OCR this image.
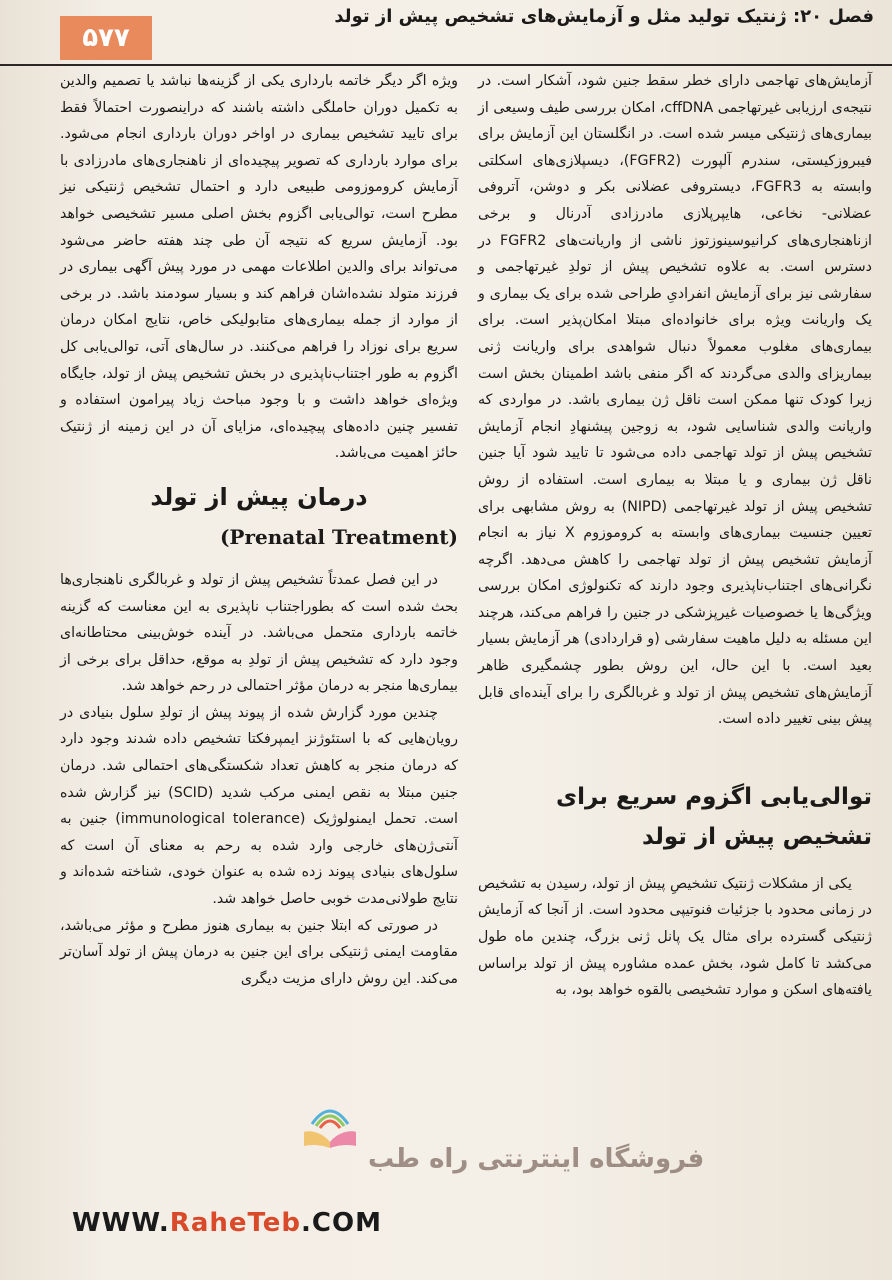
۵۷۷
فصل ۲۰: ژنتیک تولید مثل و آزمایش‌های تشخیص پیش از تولد

آزمایش‌های تهاجمی دارای خطر سقط جنین شود، آشکار است. در نتیجه‌ی ارزیابی غیرتهاجمی cffDNA، امکان بررسی طیف وسیعی از بیماری‌های ژنتیکی میسر شده است. در انگلستان این آزمایش برای فیبروزکیستی، سندرم آلپورت (FGFR2)، دیسپلازی‌های اسکلتی وابسته به FGFR3، دیستروفی عضلانی بکر و دوشن، آتروفی عضلانی- نخاعی، هایپرپلازی مادرزادی آدرنال و برخی ازناهنجاری‌های کرانیوسینوزتوز ناشی از واریانت‌های FGFR2 در دسترس است. به علاوه تشخیص پیش از تولدِ غیرتهاجمی و سفارشی نیز برای آزمایش انفرادیِ طراحی شده برای یک بیماری و یک واریانت ویژه برای خانواده‌ای مبتلا امکان‌پذیر است. برای بیماری‌های مغلوب معمولاً دنبال شواهدی برای واریانت ژنی بیماریزای والدی می‌گردند که اگر منفی باشد اطمینان بخش است زیرا کودک تنها ممکن است ناقل ژن بیماری باشد. در مواردی که واریانت والدی شناسایی شود، به زوجین پیشنهادِ انجام آزمایش تشخیص پیش از تولد تهاجمی داده می‌شود تا تایید شود آیا جنین ناقل ژن بیماری و یا مبتلا به بیماری است. استفاده از روش تشخیص پیش از تولد غیرتهاجمی (NIPD) به روش مشابهی برای تعیین جنسیت بیماری‌های وابسته به کروموزوم X نیاز به انجام آزمایش تشخیص پیش از تولد تهاجمی را کاهش می‌دهد. اگرچه نگرانی‌های اجتناب‌ناپذیری وجود دارند که تکنولوژی امکان بررسی ویژگی‌ها یا خصوصیات غیرپزشکی در جنین را فراهم می‌کند، هرچند این مسئله به دلیل ماهیت سفارشی (و قراردادی) هر آزمایش بسیار بعید است. با این حال، این روش بطور چشمگیری ظاهر آزمایش‌های تشخیص پیش از تولد و غربالگری را برای آینده‌ای قابل پیش بینی تغییر داده است.

توالی‌یابی اگزوم سریع برای تشخیص پیش از تولد

یکی از مشکلات ژنتیک تشخیصِ پیش از تولد، رسیدن به تشخیص در زمانی محدود با جزئیات فنوتیپی محدود است. از آنجا که آزمایش ژنتیکی گسترده برای مثال یک پانل ژنی بزرگ، چندین ماه طول می‌کشد تا کامل شود، بخش عمده مشاوره پیش از تولد براساس یافته‌های اسکن و موارد تشخیصی بالقوه خواهد بود، به

ویژه اگر دیگر خاتمه بارداری یکی از گزینه‌ها نباشد یا تصمیم والدین به تکمیل دوران حاملگی داشته باشند که دراینصورت احتمالاً فقط برای تایید تشخیص بیماری در اواخر دوران بارداری انجام می‌شود. برای موارد بارداری که تصویر پیچیده‌ای از ناهنجاری‌های مادرزادی با آزمایش کروموزومی طبیعی دارد و احتمال تشخیص ژنتیکی نیز مطرح است، توالی‌یابی اگزوم بخش اصلی مسیر تشخیصی خواهد بود. آزمایش سریع که نتیجه آن طی چند هفته حاضر می‌شود می‌تواند برای والدین اطلاعات مهمی در مورد پیش آگهی بیماری در فرزند متولد نشده‌اشان فراهم کند و بسیار سودمند باشد. در برخی از موارد از جمله بیماری‌های متابولیکی خاص، نتایج امکان درمان سریع برای نوزاد را فراهم می‌کنند. در سال‌های آتی، توالی‌یابی کل اگزوم به طور اجتناب‌ناپذیری در بخش تشخیص پیش از تولد، جایگاه ویژه‌ای خواهد داشت و با وجود مباحث زیاد پیرامون استفاده و تفسیر چنین داده‌های پیچیده‌ای، مزایای آن در این زمینه از ژنتیک حائز اهمیت می‌باشد.

درمان پیش از تولد
(Prenatal Treatment)

در این فصل عمدتاً تشخیص پیش از تولد و غربالگری ناهنجاری‌ها بحث شده است که بطوراجتناب ناپذیری به این معناست که گزینه خاتمه بارداری متحمل می‌باشد. در آینده خوش‌بینی محتاطانه‌ای وجود دارد که تشخیص پیش از تولدِ به موقع، حداقل برای برخی از بیماری‌ها منجر به درمان مؤثر احتمالی در رحم خواهد شد.

چندین مورد گزارش شده از پیوند پیش از تولدِ سلول بنیادی در رویان‌هایی که با استئوژنز ایمپرفکتا تشخیص داده شدند وجود دارد که درمان منجر به کاهش تعداد شکستگی‌های احتمالی شد. درمان جنین مبتلا به نقص ایمنی مرکب شدید (SCID) نیز گزارش شده است. تحمل ایمنولوژیک (immunological tolerance) جنین به آنتی‌ژن‌های خارجی وارد شده به رحم به معنای آن است که سلول‌های بنیادی پیوند زده شده به عنوان خودی، شناخته شده‌اند و نتایج طولانی‌مدت خوبی حاصل خواهد شد.

در صورتی که ابتلا جنین به بیماری هنوز مطرح و مؤثر می‌باشد، مقاومت ایمنی ژنتیکی برای این جنین به درمان پیش از تولد آسان‌تر می‌کند. این روش دارای مزیت دیگری

فروشگاه اینترنتی راه طب
WWW.RaheTeb.COM
